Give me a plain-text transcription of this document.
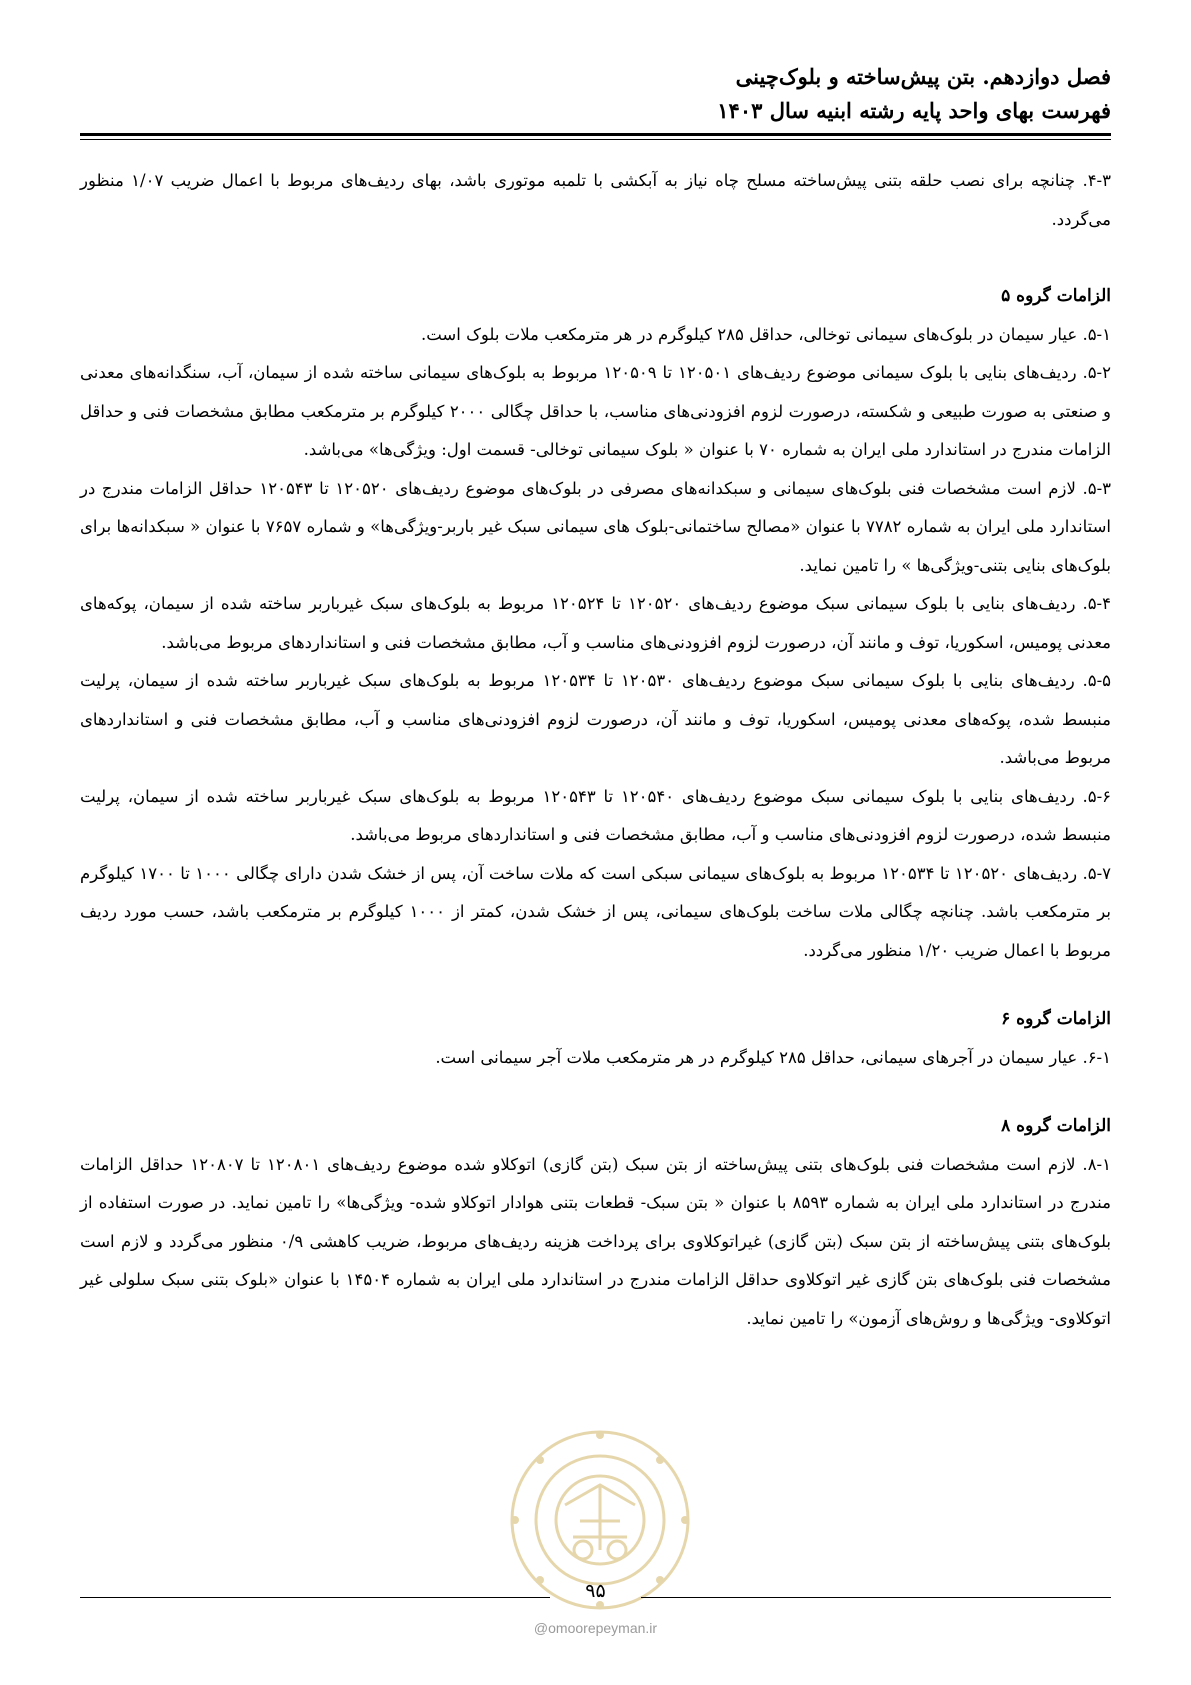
فصل دوازدهم. بتن پیش‌ساخته و بلوک‌چینی
فهرست بهای واحد پایه رشته ابنیه سال ۱۴۰۳

۴-۳. چنانچه برای نصب حلقه بتنی پیش‌ساخته مسلح چاه نیاز به آبکشی با تلمبه موتوری باشد، بهای ردیف‌های مربوط با اعمال ضریب ۱/۰۷ منظور می‌گردد.

الزامات گروه ۵

۵-۱. عیار سیمان در بلوک‌های سیمانی توخالی، حداقل ۲۸۵ کیلوگرم در هر مترمکعب ملات بلوک است.

۵-۲. ردیف‌های بنایی با بلوک سیمانی موضوع ردیف‌های ۱۲۰۵۰۱ تا ۱۲۰۵۰۹ مربوط به بلوک‌های سیمانی ساخته شده از سیمان، آب، سنگدانه‌های معدنی و صنعتی به صورت طبیعی و شکسته، درصورت لزوم افزودنی‌های مناسب، با حداقل چگالی ۲۰۰۰ کیلوگرم بر مترمکعب مطابق مشخصات فنی و حداقل الزامات مندرج در استاندارد ملی ایران به شماره ۷۰ با عنوان « بلوک سیمانی توخالی- قسمت اول: ویژگی‌ها» می‌باشد.

۵-۳. لازم است مشخصات فنی بلوک‌های سیمانی و سبکدانه‌های مصرفی در بلوک‌های موضوع ردیف‌های ۱۲۰۵۲۰ تا ۱۲۰۵۴۳ حداقل الزامات مندرج در استاندارد ملی ایران به شماره ۷۷۸۲ با عنوان «مصالح ساختمانی-بلوک های سیمانی سبک غیر باربر-ویژگی‌ها» و شماره ۷۶۵۷ با عنوان « سبکدانه‌ها برای بلوک‌های بنایی بتنی-ویژگی‌ها » را تامین نماید.

۵-۴. ردیف‌های بنایی با بلوک سیمانی سبک موضوع ردیف‌های ۱۲۰۵۲۰ تا ۱۲۰۵۲۴ مربوط به بلوک‌های سبک غیرباربر ساخته شده از سیمان، پوکه‌های معدنی پومیس، اسکوریا، توف و مانند آن، درصورت لزوم افزودنی‌های مناسب و آب، مطابق مشخصات فنی و استانداردهای مربوط می‌باشد.

۵-۵. ردیف‌های بنایی با بلوک سیمانی سبک موضوع ردیف‌های ۱۲۰۵۳۰ تا ۱۲۰۵۳۴ مربوط به بلوک‌های سبک غیرباربر ساخته شده از سیمان، پرلیت منبسط شده، پوکه‌های معدنی پومیس، اسکوریا، توف و مانند آن، درصورت لزوم افزودنی‌های مناسب و آب، مطابق مشخصات فنی و استانداردهای مربوط می‌باشد.

۵-۶. ردیف‌های بنایی با بلوک سیمانی سبک موضوع ردیف‌های ۱۲۰۵۴۰ تا ۱۲۰۵۴۳ مربوط به بلوک‌های سبک غیرباربر ساخته شده از سیمان، پرلیت منبسط شده، درصورت لزوم افزودنی‌های مناسب و آب، مطابق مشخصات فنی و استانداردهای مربوط می‌باشد.

۵-۷. ردیف‌های ۱۲۰۵۲۰ تا ۱۲۰۵۳۴ مربوط به بلوک‌های سیمانی سبکی است که ملات ساخت آن، پس از خشک شدن دارای چگالی ۱۰۰۰ تا ۱۷۰۰ کیلوگرم بر مترمکعب باشد. چنانچه چگالی ملات ساخت بلوک‌های سیمانی، پس از خشک شدن، کمتر از ۱۰۰۰ کیلوگرم بر مترمکعب باشد، حسب مورد ردیف مربوط با اعمال ضریب ۱/۲۰ منظور می‌گردد.

الزامات گروه ۶

۶-۱. عیار سیمان در آجرهای سیمانی، حداقل ۲۸۵ کیلوگرم در هر مترمکعب ملات آجر سیمانی است.

الزامات گروه ۸

۸-۱. لازم است مشخصات فنی بلوک‌های بتنی پیش‌ساخته از بتن سبک (بتن گازی) اتوکلاو شده موضوع ردیف‌های ۱۲۰۸۰۱ تا ۱۲۰۸۰۷ حداقل الزامات مندرج در استاندارد ملی ایران به شماره ۸۵۹۳ با عنوان « بتن سبک- قطعات بتنی هوادار اتوکلاو شده- ویژگی‌ها» را تامین نماید. در صورت استفاده از بلوک‌های بتنی پیش‌ساخته از بتن سبک (بتن گازی) غیراتوکلاوی برای پرداخت هزینه ردیف‌های مربوط، ضریب کاهشی ۰/۹ منظور می‌گردد و لازم است مشخصات فنی بلوک‌های بتن گازی غیر اتوکلاوی حداقل الزامات مندرج در استاندارد ملی ایران به شماره ۱۴۵۰۴ با عنوان «بلوک بتنی سبک سلولی غیر اتوکلاوی- ویژگی‌ها و روش‌های آزمون» را تامین نماید.

۹۵
@omoorepeyman.ir
